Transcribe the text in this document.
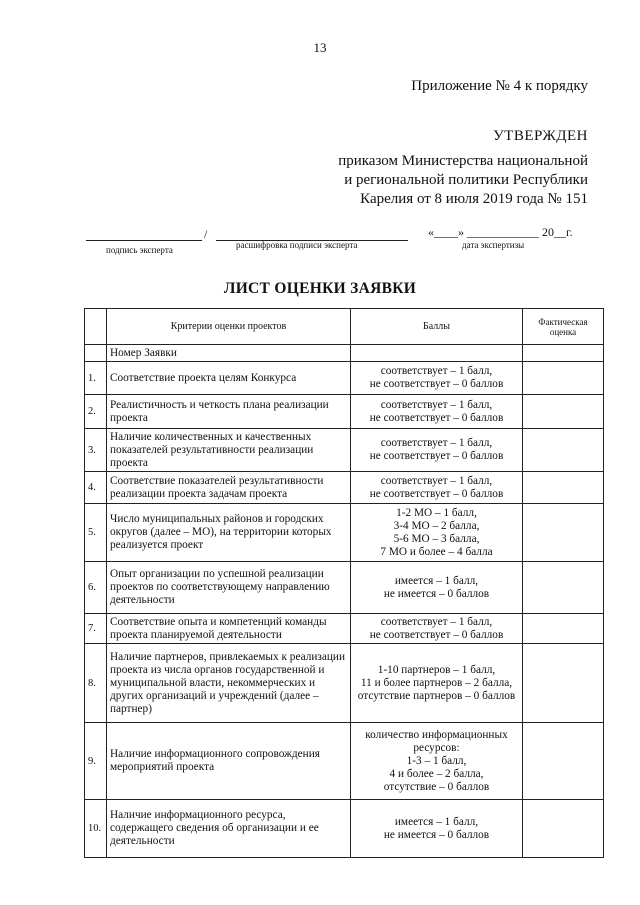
13
Приложение № 4 к порядку
УТВЕРЖДЕН
приказом Министерства национальной
и региональной политики Республики
Карелия от 8 июля 2019 года № 151
/	«____» ____________ 20__г.
подпись эксперта	расшифровка подписи эксперта	дата экспертизы
ЛИСТ ОЦЕНКИ ЗАЯВКИ
	Критерии оценки проектов	Баллы	Фактическая оценка
	Номер Заявки		
1.	Соответствие проекта целям Конкурса	соответствует – 1 балл,
не соответствует – 0 баллов	

2.	Реалистичность и четкость плана реализации проекта	соответствует – 1 балл,
не соответствует – 0 баллов	

3.	Наличие количественных и качественных показателей результативности реализации проекта	соответствует – 1 балл,
не соответствует – 0 баллов	

4.	Соответствие показателей результативности реализации проекта задачам проекта	соответствует – 1 балл,
не соответствует – 0 баллов	

5.	Число муниципальных районов и городских округов (далее – МО), на территории которых реализуется проект	1-2 МО – 1 балл,
3-4 МО – 2 балла,
5-6 МО – 3 балла,
7 МО и более – 4 балла	

6.	Опыт организации по успешной реализации проектов по соответствующему направлению деятельности	имеется – 1 балл,
не имеется – 0 баллов	

7.	Соответствие опыта и компетенций команды проекта планируемой деятельности	соответствует – 1 балл,
не соответствует – 0 баллов	

8.	Наличие партнеров, привлекаемых к реализации проекта из числа органов государственной и муниципальной власти, некоммерческих и других организаций и учреждений (далее – партнер)	1-10 партнеров – 1 балл,
11 и более партнеров – 2 балла,
отсутствие партнеров – 0 баллов	

9.	Наличие информационного сопровождения мероприятий проекта	количество информационных ресурсов:
1-3 – 1 балл,
4 и более – 2 балла,
отсутствие – 0 баллов	

10.	Наличие информационного ресурса, содержащего сведения об организации и ее деятельности	имеется – 1 балл,
не имеется – 0 баллов	
